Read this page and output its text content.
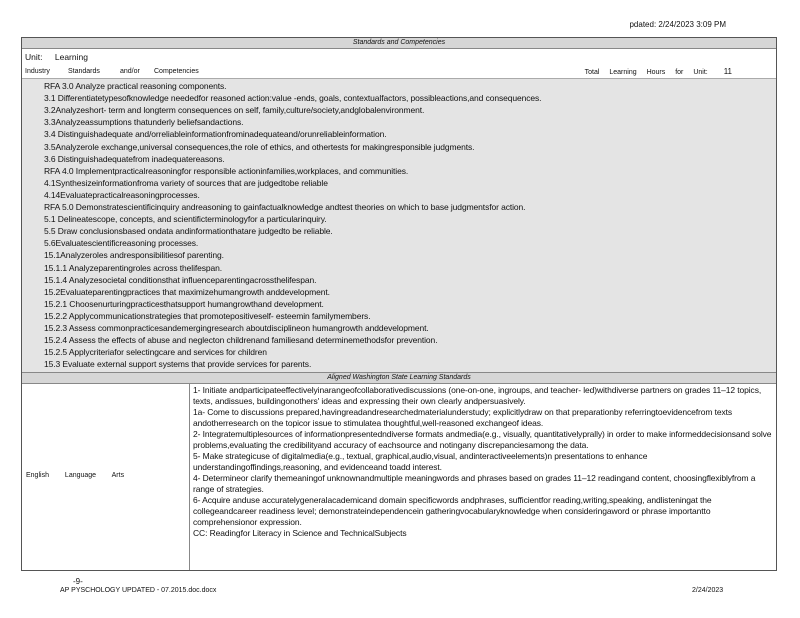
pdated: 2/24/2023 3:09 PM
Standards and Competencies
Unit: Learning
Industry	Standards	and/or Competencies	Total Learning Hours for Unit: 11
RFA 3.0 Analyze practical reasoning components.
3.1 Differentiatetypesofknowledge neededfor reasoned action:value -ends, goals, contextualfactors, possibleactions,and consequences.
3.2Analyzeshort- term and longterm consequences on self, family,culture/society,andglobalenvironment.
3.3Analyzeassumptions thatunderly beliefsandactions.
3.4 Distinguishadequate and/orreliableinformationfrominadequateand/orunreliableinformation.
3.5Analyzerole exchange,universal consequences,the role of ethics, and othertests for makingresponsible judgments.
3.6 Distinguishadequatefrom inadequatereasons.
RFA 4.0 Implementpracticalreasoningfor responsible actioninfamilies,workplaces, and communities.
4.1Synthesizeinformationfroma variety of sources that are judgedtobe reliable
4.14Evaluatepracticalreasoningprocesses.
RFA 5.0 Demonstratescientificinquiry andreasoning to gainfactualknowledge andtest theories on which to base judgmentsfor action.
5.1 Delineatescope, concepts, and scientificterminologyfor a particularinquiry.
5.5 Draw conclusionsbased ondata andinformationthatare judgedto be reliable.
5.6Evaluatescientificreasoning processes.
15.1Analyzeroles andresponsibilitiesof parenting.
15.1.1 Analyzeparentingroles across thelifespan.
15.1.4 Analyzesocietal conditionsthat influenceparentingacrossthelifespan.
15.2Evaluateparentingpractices that maximizehumangrowth anddevelopment.
15.2.1 Choosenurturingpracticesthatsupport humangrowthand development.
15.2.2 Applycommunicationstrategies that promotepositiveself- esteemin familymembers.
15.2.3 Assess commonpracticesandemergingresearch aboutdisciplineon humangrowth anddevelopment.
15.2.4 Assess the effects of abuse and neglecton childrenand familiesand determinemethodsfor prevention.
15.2.5 Applycriteriafor selectingcare and services for children
15.3 Evaluate external support systems that provide services for parents.
Aligned Washington State Learning Standards
English Language Arts

1- Initiate andparticipateeffectivelyinarangeofcollaborativediscussions (one-on-one, ingroups, and teacher- led)withdiverse partners on grades 11–12 topics, texts, andissues, buildingonothers' ideas and expressing their own clearly andpersuasively.

1a- Come to discussions prepared,havingreadandresearchedmaterialunderstudy; explicitlydraw on that preparationby referringtoevidencefrom texts andotherresearch on the topicor issue to stimulatea thoughtful,well-reasoned exchangeof ideas.

2- Integratemultiplesources of informationpresentedndiverse formats andmedia(e.g., visually, quantitativelyprally) in order to make informeddecisionsand solve problems,evaluating the credibilityand accuracy of eachsource and notingany discrepanciesamong the data.

5- Make strategicuse of digitalmedia(e.g., textual, graphical,audio,visual, andinteractiveelements)n presentations to enhance understandingoffindings,reasoning, and evidenceand toadd interest.

4- Determineor clarify themeaningof unknownandmultiple meaningwords and phrases based on grades 11–12 readingand content, choosingflexiblyfrom a range of strategies.

6- Acquire anduse accuratelygeneralacademicand domain specificwords andphrases, sufficientfor reading,writing,speaking, andlisteningat the collegeandcareer readiness level; demonstrateindependencein gatheringvocabularyknowledge when consideringaword or phrase importantto comprehensionor expression.

CC: Readingfor Literacy in Science and TechnicalSubjects

-9-
AP PYSCHOLOGY UPDATED - 07.2015.doc.docx	2/24/2023
